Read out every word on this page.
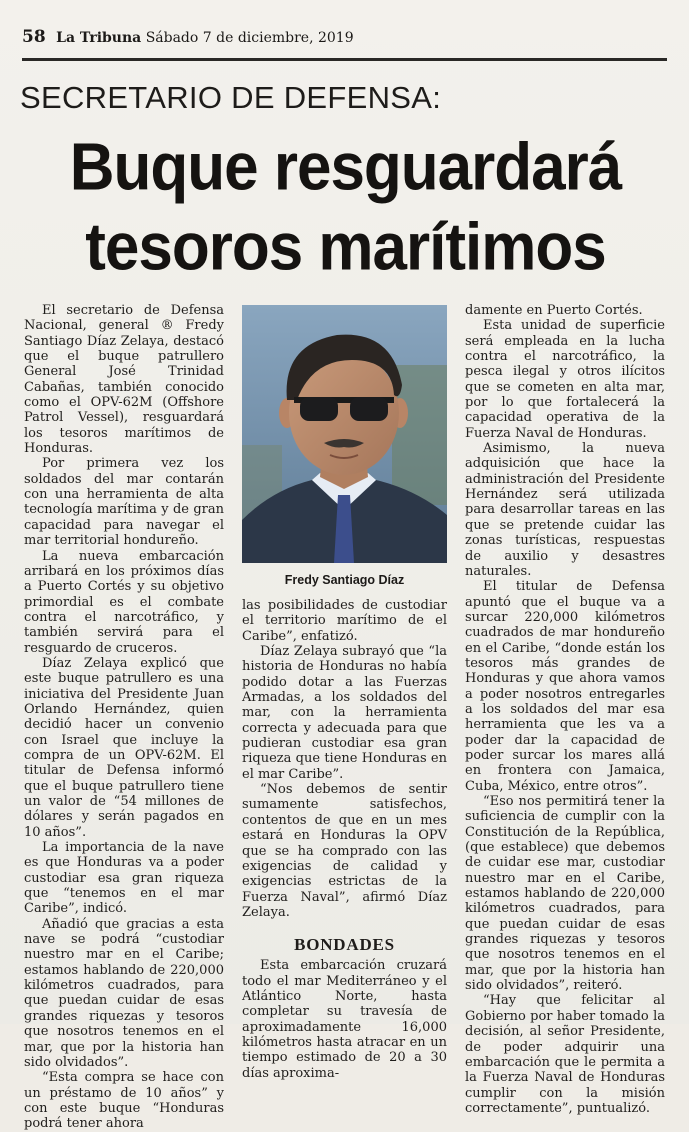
58 La Tribuna Sábado 7 de diciembre, 2019
SECRETARIO DE DEFENSA:
Buque resguardará
tesoros marítimos

El secretario de Defensa Nacional, general ® Fredy Santiago Díaz Zelaya, destacó que el buque patrullero General José Trinidad Cabañas, también conocido como el OPV-62M (Offshore Patrol Vessel), resguardará los tesoros marítimos de Honduras.

Por primera vez los soldados del mar contarán con una herramienta de alta tecnología marítima y de gran capacidad para navegar el mar territorial hondureño.

La nueva embarcación arribará en los próximos días a Puerto Cortés y su objetivo primordial es el combate contra el narcotráfico, y también servirá para el resguardo de cruceros.

Díaz Zelaya explicó que este buque patrullero es una iniciativa del Presidente Juan Orlando Hernández, quien decidió hacer un convenio con Israel que incluye la compra de un OPV-62M. El titular de Defensa informó que el buque patrullero tiene un valor de “54 millones de dólares y serán pagados en 10 años”.

La importancia de la nave es que Honduras va a poder custodiar esa gran riqueza que “tenemos en el mar Caribe”, indicó.

Añadió que gracias a esta nave se podrá “custodiar nuestro mar en el Caribe; estamos hablando de 220,000 kilómetros cuadrados, para que puedan cuidar de esas grandes riquezas y tesoros que nosotros tenemos en el mar, que por la historia han sido olvidados”.

“Esta compra se hace con un préstamo de 10 años” y con este buque “Honduras podrá tener ahora

Fredy Santiago Díaz

las posibilidades de custodiar el territorio marítimo de el Caribe”, enfatizó.

Díaz Zelaya subrayó que “la historia de Honduras no había podido dotar a las Fuerzas Armadas, a los soldados del mar, con la herramienta correcta y adecuada para que pudieran custodiar esa gran riqueza que tiene Honduras en el mar Caribe”.

“Nos debemos de sentir sumamente satisfechos, contentos de que en un mes estará en Honduras la OPV que se ha comprado con las exigencias de calidad y exigencias estrictas de la Fuerza Naval”, afirmó Díaz Zelaya.

BONDADES

Esta embarcación cruzará todo el mar Mediterráneo y el Atlántico Norte, hasta completar su travesía de aproximadamente 16,000 kilómetros hasta atracar en un tiempo estimado de 20 a 30 días aproxima-

damente en Puerto Cortés.

Esta unidad de superficie será empleada en la lucha contra el narcotráfico, la pesca ilegal y otros ilícitos que se cometen en alta mar, por lo que fortalecerá la capacidad operativa de la Fuerza Naval de Honduras.

Asimismo, la nueva adquisición que hace la administración del Presidente Hernández será utilizada para desarrollar tareas en las que se pretende cuidar las zonas turísticas, respuestas de auxilio y desastres naturales.

El titular de Defensa apuntó que el buque va a surcar 220,000 kilómetros cuadrados de mar hondureño en el Caribe, “donde están los tesoros más grandes de Honduras y que ahora vamos a poder nosotros entregarles a los soldados del mar esa herramienta que les va a poder dar la capacidad de poder surcar los mares allá en frontera con Jamaica, Cuba, México, entre otros”.

“Eso nos permitirá tener la suficiencia de cumplir con la Constitución de la República, (que establece) que debemos de cuidar ese mar, custodiar nuestro mar en el Caribe, estamos hablando de 220,000 kilómetros cuadrados, para que puedan cuidar de esas grandes riquezas y tesoros que nosotros tenemos en el mar, que por la historia han sido olvidados”, reiteró.

“Hay que felicitar al Gobierno por haber tomado la decisión, al señor Presidente, de poder adquirir una embarcación que le permita a la Fuerza Naval de Honduras cumplir con la misión correctamente”, puntualizó.
